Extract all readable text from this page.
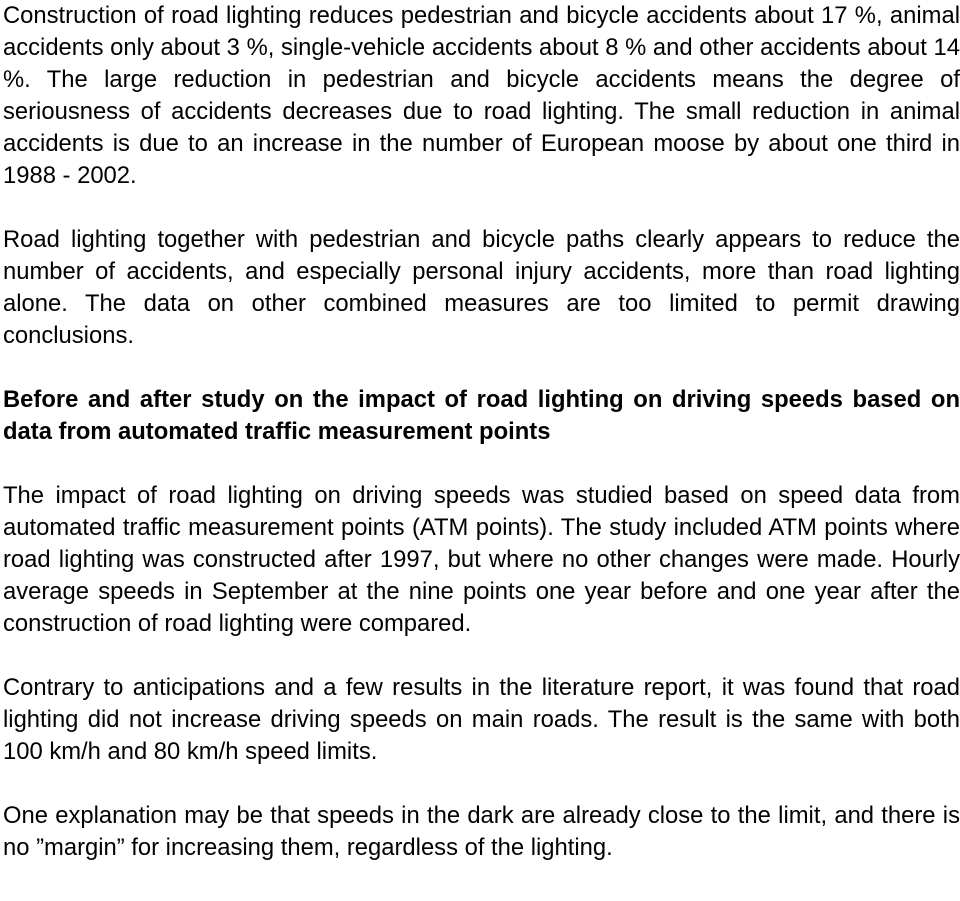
Construction of road lighting reduces pedestrian and bicycle accidents about 17 %, animal accidents only about 3 %, single-vehicle accidents about 8 % and other accidents about 14 %. The large reduction in pedestrian and bicycle accidents means the degree of seriousness of accidents decreases due to road lighting. The small reduction in animal accidents is due to an increase in the number of European moose by about one third in 1988 - 2002.

Road lighting together with pedestrian and bicycle paths clearly appears to reduce the number of accidents, and especially personal injury accidents, more than road lighting alone. The data on other combined measures are too limited to permit drawing conclusions.

Before and after study on the impact of road lighting on driving speeds based on data from automated traffic measurement points

The impact of road lighting on driving speeds was studied based on speed data from automated traffic measurement points (ATM points). The study included ATM points where road lighting was constructed after 1997, but where no other changes were made. Hourly average speeds in September at the nine points one year before and one year after the construction of road lighting were compared.

Contrary to anticipations and a few results in the literature report, it was found that road lighting did not increase driving speeds on main roads. The result is the same with both 100 km/h and 80 km/h speed limits.

One explanation may be that speeds in the dark are already close to the limit, and there is no ”margin” for increasing them, regardless of the lighting.
